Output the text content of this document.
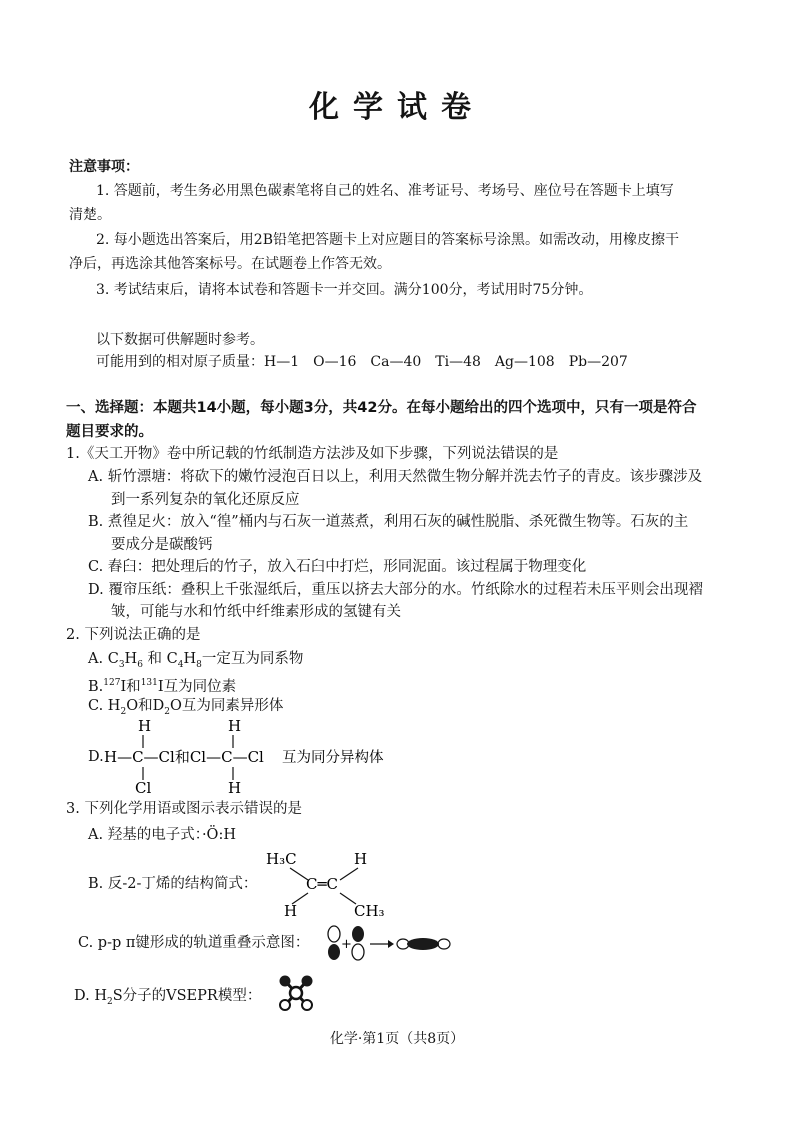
化学试卷
注意事项：
1. 答题前，考生务必用黑色碳素笔将自己的姓名、准考证号、考场号、座位号在答题卡上填写
清楚。
2. 每小题选出答案后，用2B铅笔把答题卡上对应题目的答案标号涂黑。如需改动，用橡皮擦干
净后，再选涂其他答案标号。在试题卷上作答无效。
3. 考试结束后，请将本试卷和答题卡一并交回。满分100分，考试用时75分钟。
以下数据可供解题时参考。
可能用到的相对原子质量：H—1　O—16　Ca—40　Ti—48　Ag—108　Pb—207
一、选择题：本题共14小题，每小题3分，共42分。在每小题给出的四个选项中，只有一项是符合
题目要求的。
1.《天工开物》卷中所记载的竹纸制造方法涉及如下步骤，下列说法错误的是
A. 斩竹漂塘：将砍下的嫩竹浸泡百日以上，利用天然微生物分解并洗去竹子的青皮。该步骤涉及
到一系列复杂的氧化还原反应
B. 煮徨足火：放入“徨”桶内与石灰一道蒸煮，利用石灰的碱性脱脂、杀死微生物等。石灰的主
要成分是碳酸钙
C. 舂臼：把处理后的竹子，放入石臼中打烂，形同泥面。该过程属于物理变化
D. 覆帘压纸：叠积上千张湿纸后，重压以挤去大部分的水。竹纸除水的过程若未压平则会出现褶
皱，可能与水和竹纸中纤维素形成的氢键有关
2. 下列说法正确的是
A. $C_3H_6$ 和 $C_4H_8$一定互为同系物
B.$^{127}$I和$^{131}$I互为同位素
C. $H_2O$和$D_2O$互为同素异形体
D.
H	H
H—C—Cl和Cl—C—Cl 互为同分异构体
Cl	H
3. 下列化学用语或图示表示错误的是
A. 羟基的电子式：·Ö:H
B. 反-2-丁烯的结构简式：
H₃C	H
C═C
H	CH₃
C. p-p π键形成的轨道重叠示意图： +
D. $H_2S$分子的VSEPR模型：
化学·第1页（共8页）
